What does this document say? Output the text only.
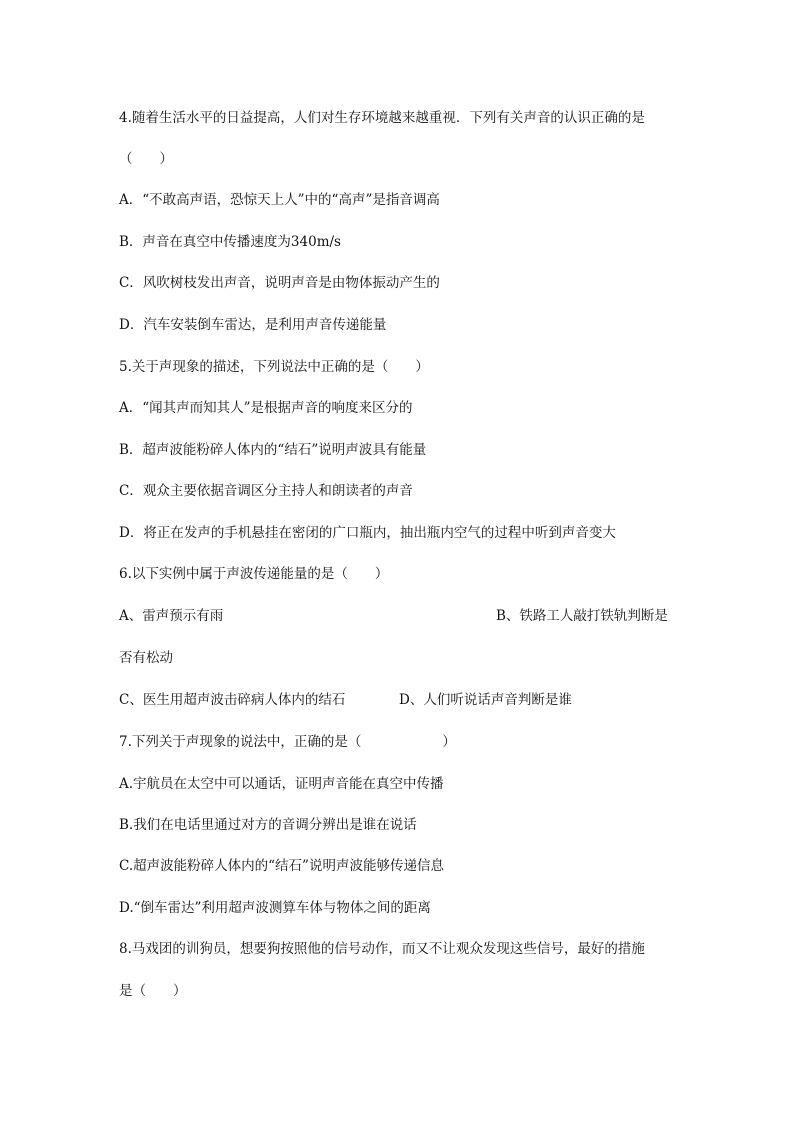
4.随着生活水平的日益提高，人们对生存环境越来越重视．下列有关声音的认识正确的是
（　　）
A．“不敢高声语，恐惊天上人”中的“高声”是指音调高
B．声音在真空中传播速度为340m/s
C．风吹树枝发出声音，说明声音是由物体振动产生的
D．汽车安装倒车雷达，是利用声音传递能量
5.关于声现象的描述，下列说法中正确的是（　　）
A．“闻其声而知其人”是根据声音的响度来区分的
B．超声波能粉碎人体内的“结石”说明声波具有能量
C．观众主要依据音调区分主持人和朗读者的声音
D．将正在发声的手机悬挂在密闭的广口瓶内，抽出瓶内空气的过程中听到声音变大
6.以下实例中属于声波传递能量的是（　　）
A、雷声预示有雨	B、铁路工人敲打铁轨判断是
否有松动
C、医生用超声波击碎病人体内的结石	D、人们听说话声音判断是谁
7.下列关于声现象的说法中，正确的是（　　　　　　）
A.宇航员在太空中可以通话，证明声音能在真空中传播
B.我们在电话里通过对方的音调分辨出是谁在说话
C.超声波能粉碎人体内的“结石”说明声波能够传递信息
D.“倒车雷达”利用超声波测算车体与物体之间的距离
8.马戏团的训狗员，想要狗按照他的信号动作，而又不让观众发现这些信号，最好的措施
是（　　）
